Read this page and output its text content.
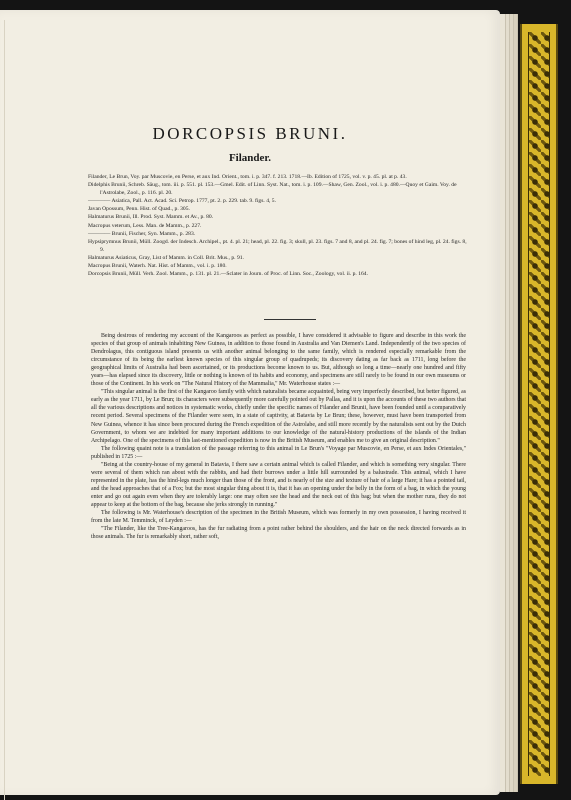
DORCOPSIS BRUNI.
Filander.

Filander, Le Brun, Voy. par Muscovie, en Perse, et aux Ind. Orient., tom. i. p. 347. f. 213. 1718.—Ib. Edition of 1725, vol. v. p. 45. pl. at p. 43.

Didelphis Brunii, Schreb. Säug., tom. iii. p. 551. pl. 153.—Gmel. Edit. of Linn. Syst. Nat., tom. i. p. 109.—Shaw, Gen. Zool., vol. i. p. 480.—Quoy et Gaim. Voy. de l'Astrolabe, Zool., p. 116. pl. 20.

———— Asiatica, Pall. Act. Acad. Sci. Petrop. 1777, pt. 2. p. 229. tab. 9. figs. 4, 5.

Javan Opossum, Penn. Hist. of Quad., p. 305.

Halmaturus Brunii, Ill. Prod. Syst. Mamm. et Av., p. 80.

Macropus veterum, Less. Man. de Mamm., p. 227.

———— Brunii, Fischer, Syn. Mamm., p. 283.

Hypsiprymnus Brunii, Müll. Zoogd. der Indesch. Archipel., pt. 4. pl. 21; head, pl. 22. fig. 3; skull, pl. 23. figs. 7 and 8, and pl. 24. fig. 7; bones of hind leg, pl. 24. figs. 8, 9.

Halmaturus Asiaticus, Gray, List of Mamm. in Coll. Brit. Mus., p. 91.

Macropus Brunii, Waterh. Nat. Hist. of Mamm., vol. i. p. 180.

Dorcopsis Brunii, Müll. Verh. Zool. Mamm., p. 131. pl. 21.—Sclater in Journ. of Proc. of Linn. Soc., Zoology, vol. ii. p. 164.

Being desirous of rendering my account of the Kangaroos as perfect as possible, I have considered it advisable to figure and describe in this work the species of that group of animals inhabiting New Guinea, in addition to those found in Australia and Van Diemen's Land. Independently of the two species of Dendrolagus, this contiguous island presents us with another animal belonging to the same family, which is rendered especially remarkable from the circumstance of its being the earliest known species of this singular group of quadrupeds; its discovery dating as far back as 1711, long before the geographical limits of Australia had been ascertained, or its productions become known to us. But, although so long a time—nearly one hundred and fifty years—has elapsed since its discovery, little or nothing is known of its habits and economy, and specimens are still rarely to be found in our own museums or those of the Continent. In his work on "The Natural History of the Mammalia," Mr. Waterhouse states :—

"This singular animal is the first of the Kangaroo family with which naturalists became acquainted, being very imperfectly described, but better figured, as early as the year 1711, by Le Brun; its characters were subsequently more carefully pointed out by Pallas, and it is upon the accounts of these two authors that all the various descriptions and notices in systematic works, chiefly under the specific names of Filander and Brunii, have been founded until a comparatively recent period. Several specimens of the Filander were seen, in a state of captivity, at Batavia by Le Brun; these, however, must have been transported from New Guinea, whence it has since been procured during the French expedition of the Astrolabe, and still more recently by the naturalists sent out by the Dutch Government, to whom we are indebted for many important additions to our knowledge of the natural-history productions of the islands of the Indian Archipelago. One of the specimens of this last-mentioned expedition is now in the British Museum, and enables me to give an original description."

The following quaint note is a translation of the passage referring to this animal in Le Brun's "Voyage par Muscovie, en Perse, et aux Indes Orientales," published in 1725 :—

"Being at the country-house of my general in Batavia, I there saw a certain animal which is called Filander, and which is something very singular. There were several of them which ran about with the rabbits, and had their burrows under a little hill surrounded by a balustrade. This animal, which I have represented in the plate, has the hind-legs much longer than those of the front, and is nearly of the size and texture of hair of a large Hare; it has a pointed tail, and the head approaches that of a Fox; but the most singular thing about it is, that it has an opening under the belly in the form of a bag, in which the young enter and go out again even when they are tolerably large: one may often see the head and the neck out of this bag; but when the mother runs, they do not appear to keep at the bottom of the bag, because she jerks strongly in running."

The following is Mr. Waterhouse's description of the specimen in the British Museum, which was formerly in my own possession, I having received it from the late M. Temminck, of Leyden :—

"The Filander, like the Tree-Kangaroos, has the fur radiating from a point rather behind the shoulders, and the hair on the neck directed forwards as in those animals. The fur is remarkably short, rather soft,
